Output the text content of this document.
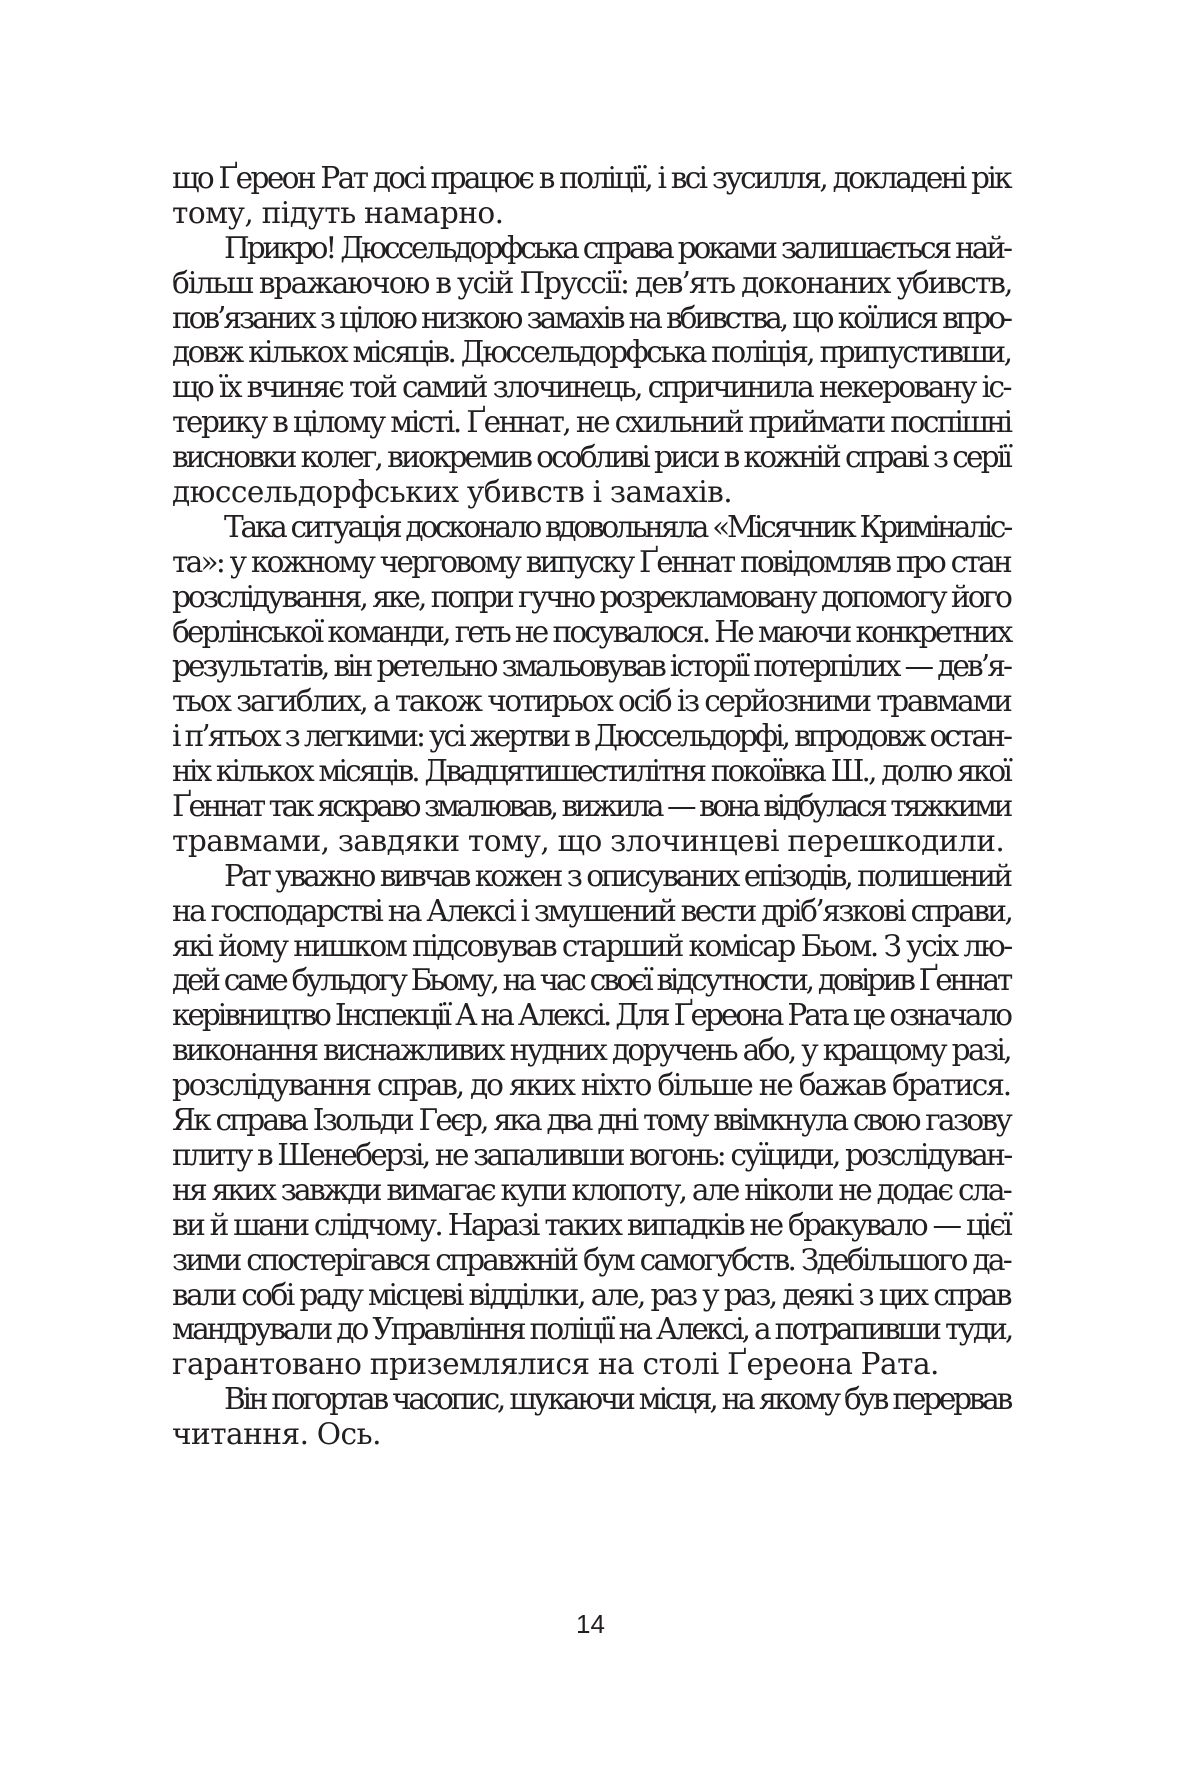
що Ґереон Рат досі працює в поліції, і всі зусилля, докладені рік
тому, підуть намарно.
Прикро! Дюссельдорфська справа роками залишається най-
більш вражаючою в усій Пруссії: дев’ять доконаних убивств,
пов’язаних з цілою низкою замахів на вбивства, що коїлися впро-
довж кількох місяців. Дюссельдорфська поліція, припустивши,
що їх вчиняє той самий злочинець, спричинила некеровану іс-
терику в цілому місті. Ґеннат, не схильний приймати поспішні
висновки колег, виокремив особливі риси в кожній справі з серії
дюссельдорфських убивств і замахів.
Така ситуація досконало вдовольняла «Місячник Криміналіс-
та»: у кожному черговому випуску Ґеннат повідомляв про стан
розслідування, яке, попри гучно розрекламовану допомогу його
берлінської команди, геть не посувалося. Не маючи конкретних
результатів, він ретельно змальовував історії потерпілих — дев’я-
тьох загиблих, а також чотирьох осіб із серйозними травмами
і п’ятьох з легкими: усі жертви в Дюссельдорфі, впродовж остан-
ніх кількох місяців. Двадцятишестилітня покоївка Ш., долю якої
Ґеннат так яскраво змалював, вижила — вона відбулася тяжкими
травмами, завдяки тому, що злочинцеві перешкодили.
Рат уважно вивчав кожен з описуваних епізодів, полишений
на господарстві на Алексі і змушений вести дріб’язкові справи,
які йому нишком підсовував старший комісар Бьом. З усіх лю-
дей саме бульдогу Бьому, на час своєї відсутности, довірив Ґеннат
керівництво Інспекції А на Алексі. Для Ґереона Рата це означало
виконання виснажливих нудних доручень або, у кращому разі,
розслідування справ, до яких ніхто більше не бажав братися.
Як справа Ізольди Геєр, яка два дні тому ввімкнула свою газову
плиту в Шенеберзі, не запаливши вогонь: суїциди, розслідуван-
ня яких завжди вимагає купи клопоту, але ніколи не додає сла-
ви й шани слідчому. Наразі таких випадків не бракувало — цієї
зими спостерігався справжній бум самогубств. Здебільшого да-
вали собі раду місцеві відділки, але, раз у раз, деякі з цих справ
мандрували до Управління поліції на Алексі, а потрапивши туди,
гарантовано приземлялися на столі Ґереона Рата.
Він погортав часопис, шукаючи місця, на якому був перервав
читання. Ось.
14
